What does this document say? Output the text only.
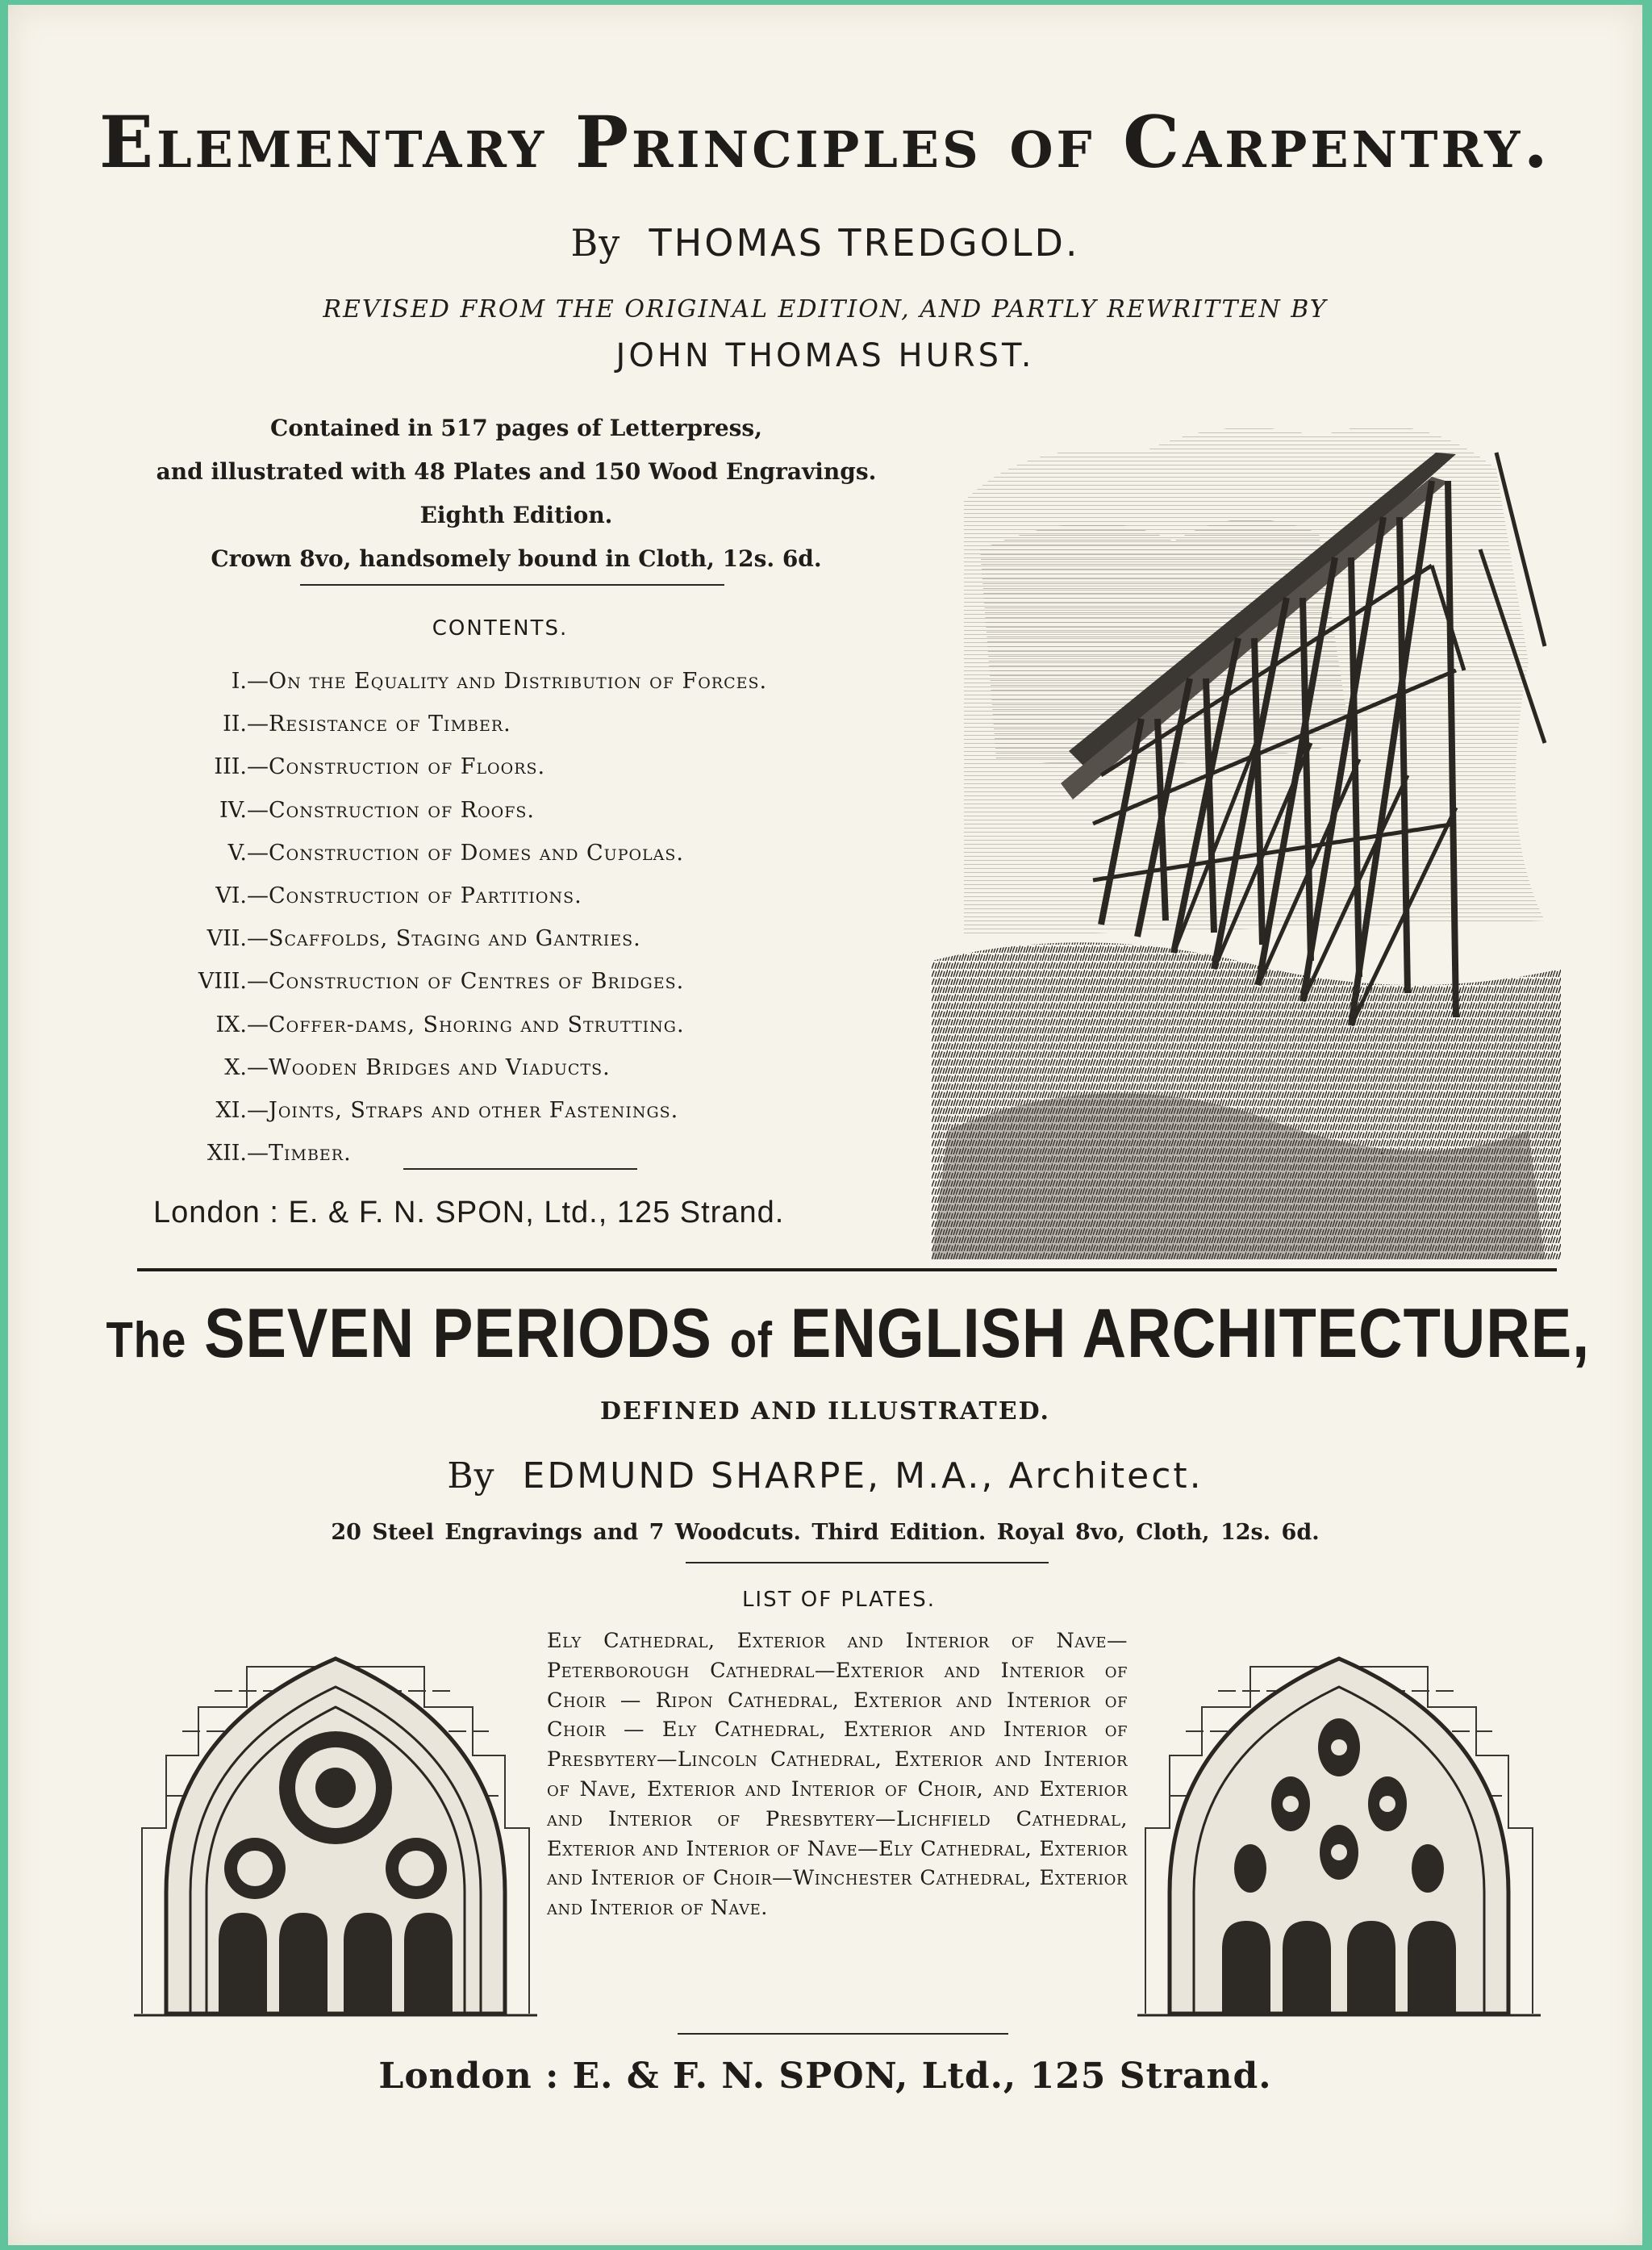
Elementary Principles of Carpentry.
By THOMAS TREDGOLD.
REVISED FROM THE ORIGINAL EDITION, AND PARTLY REWRITTEN BY
JOHN THOMAS HURST.
Contained in 517 pages of Letterpress,
and illustrated with 48 Plates and 150 Wood Engravings.
Eighth Edition.
Crown 8vo, handsomely bound in Cloth, 12s. 6d.
CONTENTS.
I. — On the Equality and Distribution of Forces.
II. — Resistance of Timber.
III. — Construction of Floors.
IV. — Construction of Roofs.
V. — Construction of Domes and Cupolas.
VI. — Construction of Partitions.
VII. — Scaffolds, Staging and Gantries.
VIII. — Construction of Centres of Bridges.
IX. — Coffer-dams, Shoring and Strutting.
X. — Wooden Bridges and Viaducts.
XI. — Joints, Straps and other Fastenings.
XII. — Timber.
London : E. & F. N. SPON, Ltd., 125 Strand.
·
The SEVEN PERIODS of ENGLISH ARCHITECTURE,
DEFINED AND ILLUSTRATED.
By EDMUND SHARPE, M.A., Architect.
20 Steel Engravings and 7 Woodcuts. Third Edition. Royal 8vo, Cloth, 12s. 6d.
LIST OF PLATES.
Ely Cathedral, Exterior and Interior of Nave—Peterborough Cathedral—Exterior and Interior of Choir — Ripon Cathedral, Exterior and Interior of Choir — Ely Cathedral, Exterior and Interior of Presbytery—Lincoln Cathedral, Exterior and Interior of Nave, Exterior and Interior of Choir, and Exterior and Interior of Presbytery—Lichfield Cathedral, Exterior and Interior of Nave—Ely Cathedral, Exterior and Interior of Choir—Winchester Cathedral, Exterior and Interior of Nave.
London : E. & F. N. SPON, Ltd., 125 Strand.
